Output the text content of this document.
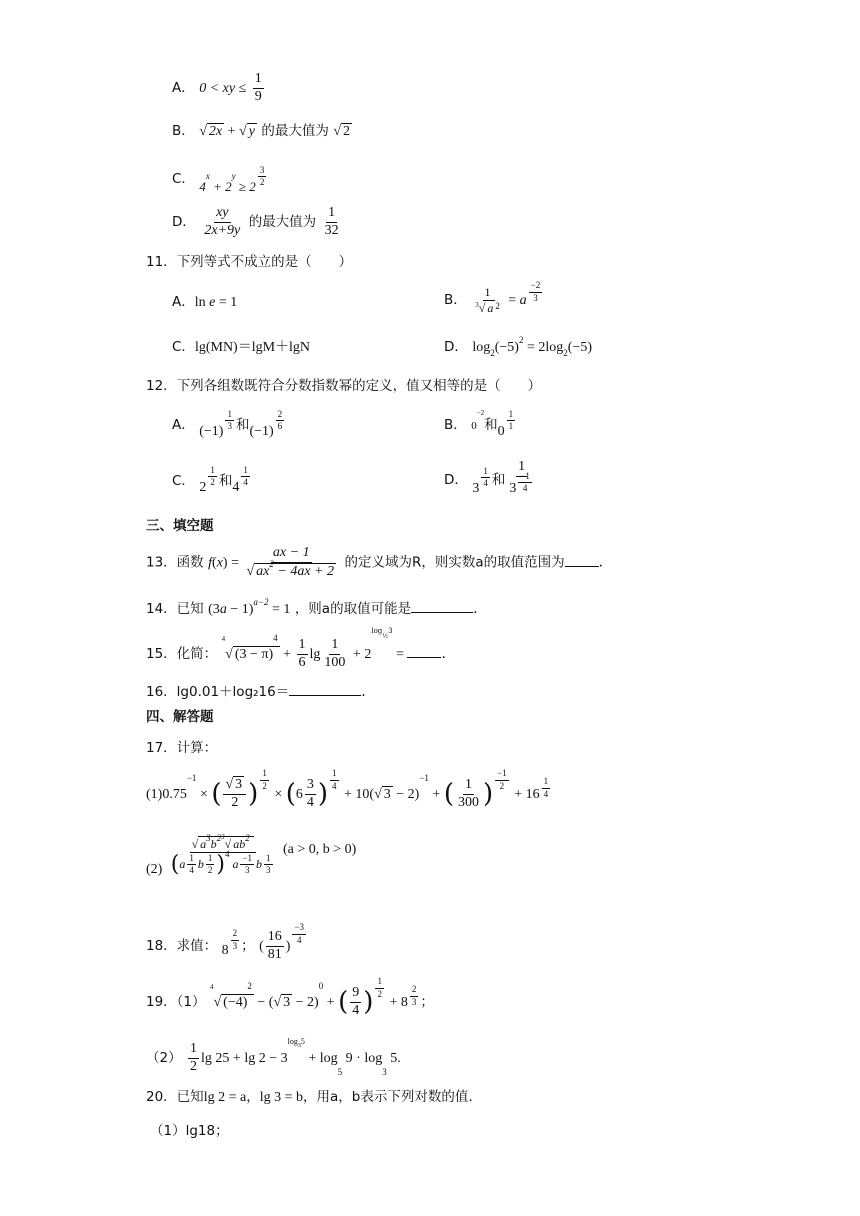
A． 0 < xy ≤ $\frac{1}{9}$
B． √ 2x + √ y 的最大值为 √ 2
C． $4^x + 2^y \ge 2 \frac{3}{2}$
D． $\frac{xy}{2x+9y}$ 的最大值为 $\frac{1}{32}$
11．下列等式不成立的是（　　）
A．ln e = 1	B． $\frac{1}{^3√ a ^2} = a \frac{-2}{3}$
C．lg(MN)＝lgM＋lgN	D． $\log_2(-5)^2 = 2\log_2(-5)$
12．下列各组数既符合分数指数幂的定义，值又相等的是（　　）
A． $(-1) \frac{1}{3}$ 和$(-1) \frac{2}{6}$	B． $0^{-2}$和$0 \frac{1}{1}$
C． $2 \frac{1}{2}$ 和$4 \frac{1}{4}$	D． $3 \frac{1}{4}$ 和 $\frac{1}{3 \frac{-1}{4}}$
三、填空题
13．函数 $f(x) = \frac{ax - 1}{√ ax^2 - 4ax + 2}$ 的定义域为R，则实数a的取值范围为 .
14．已知 $(3a - 1)^{a-2} = 1$ ，则a的取值可能是	.
15．化简： $^4$√ $(3 - \pi)^4 + \frac{1}{6}$ $\lg \frac{1}{100} + 2^{log_{\frac{1}{2}}3}$ = .
16．lg0.01＋log₂16＝	.
四、解答题
17．计算：
$(1)0.75^{-1}$ × ( $\frac{√ 3}{2}$ ) $\frac{1}{2}$
× ($6 \frac{3}{4}$ ) $\frac{1}{4}$
+ 10(√ 3 − 2)$^{-1}$ + ( $\frac{1}{300}$ ) $\frac{-1}{2}$
+ $16 \frac{1}{4}$
$(2) \frac{√ a^3b^{23}√ ab^2}{(a \frac{1}{4} b \frac{1}{2} )^4 a \frac{-1}{3} b \frac{1}{3}} (a > 0$, b > 0)
18．求值： $8 \frac{2}{3}$ ； ( $\frac{16}{81}$ )
$\frac{-3}{4}$
19．（1） $^4$√ $(-4)^2$ − (√ 3 − 2)$^0$ + ( $\frac{9}{4}$ ) $\frac{1}{2}$
+ $8 \frac{2}{3}$ ；
$(2) \frac{1}{2}$ $\lg 25 + \lg 2 - 3^{log_35} + \log_5 9 \cdot \log_3 5$.
20．已知lg 2 = a，lg 3 = b，用a，b表示下列对数的值.
（1）lg18；
